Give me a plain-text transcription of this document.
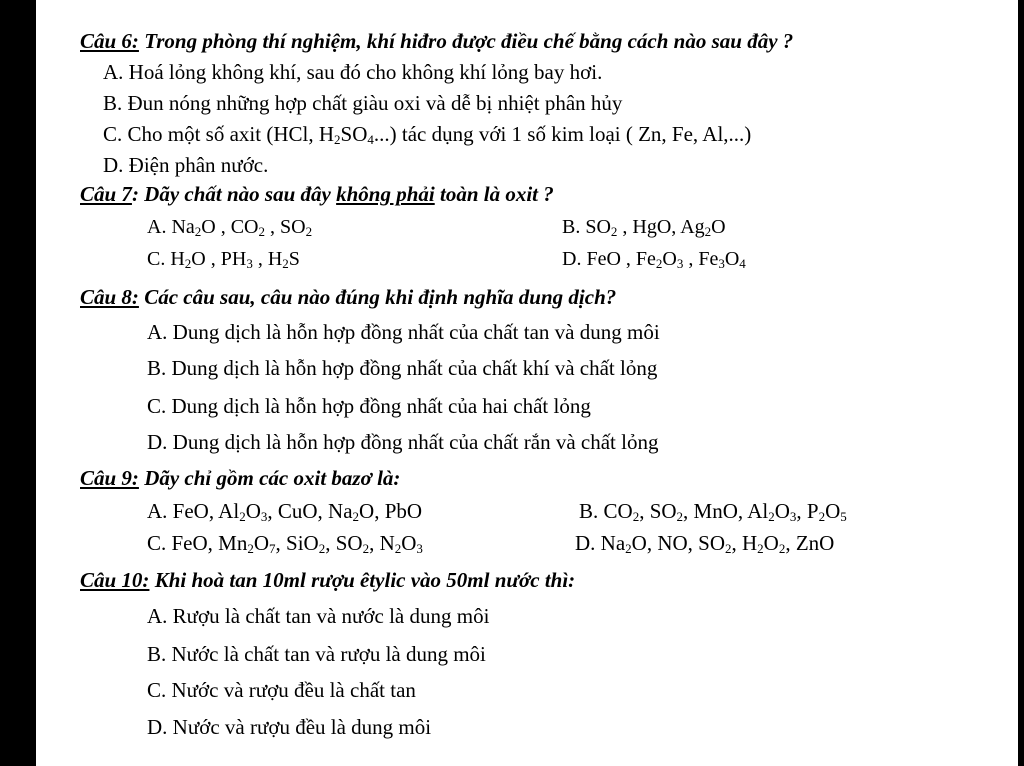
Câu 6: Trong phòng thí nghiệm, khí hiđro được điều chế bằng cách nào sau đây ?
A. Hoá lỏng không khí, sau đó cho không khí lỏng bay hơi.
B. Đun nóng những hợp chất giàu oxi và dễ bị nhiệt phân hủy
C. Cho một số axit (HCl, $H_2SO_4$...) tác dụng với 1 số kim loại ( Zn, Fe, Al,...)
D. Điện phân nước.
Câu 7: Dãy chất nào sau đây không phải toàn là oxit ?
A. $Na_2O$ , $CO_2$ , $SO_2$	B. $SO_2$ , HgO, $Ag_2O$
C. $H_2O$ , $PH_3$ , $H_2S$	D. FeO , $Fe_2O_3$ , $Fe_3O_4$
Câu 8: Các câu sau, câu nào đúng khi định nghĩa dung dịch?
A. Dung dịch là hỗn hợp đồng nhất của chất tan và dung môi
B. Dung dịch là hỗn hợp đồng nhất của chất khí và chất lỏng
C. Dung dịch là hỗn hợp đồng nhất của hai chất lỏng
D. Dung dịch là hỗn hợp đồng nhất của chất rắn và chất lỏng
Câu 9: Dãy chỉ gồm các oxit bazơ là:
A. FeO, $Al_2O_3$, CuO, $Na_2O$, PbO	B. $CO_2$, $SO_2$, MnO, $Al_2O_3$, $P_2O_5$
C. FeO, $Mn_2O_7$, SiO$_2$, $SO_2$, $N_2O_3$	D. $Na_2O$, NO, $SO_2$, $H_2O_2$, ZnO
Câu 10: Khi hoà tan 10ml rượu êtylic vào 50ml nước thì:
A. Rượu là chất tan và nước là dung môi
B. Nước là chất tan và rượu là dung môi
C. Nước và rượu đều là chất tan
D. Nước và rượu đều là dung môi
